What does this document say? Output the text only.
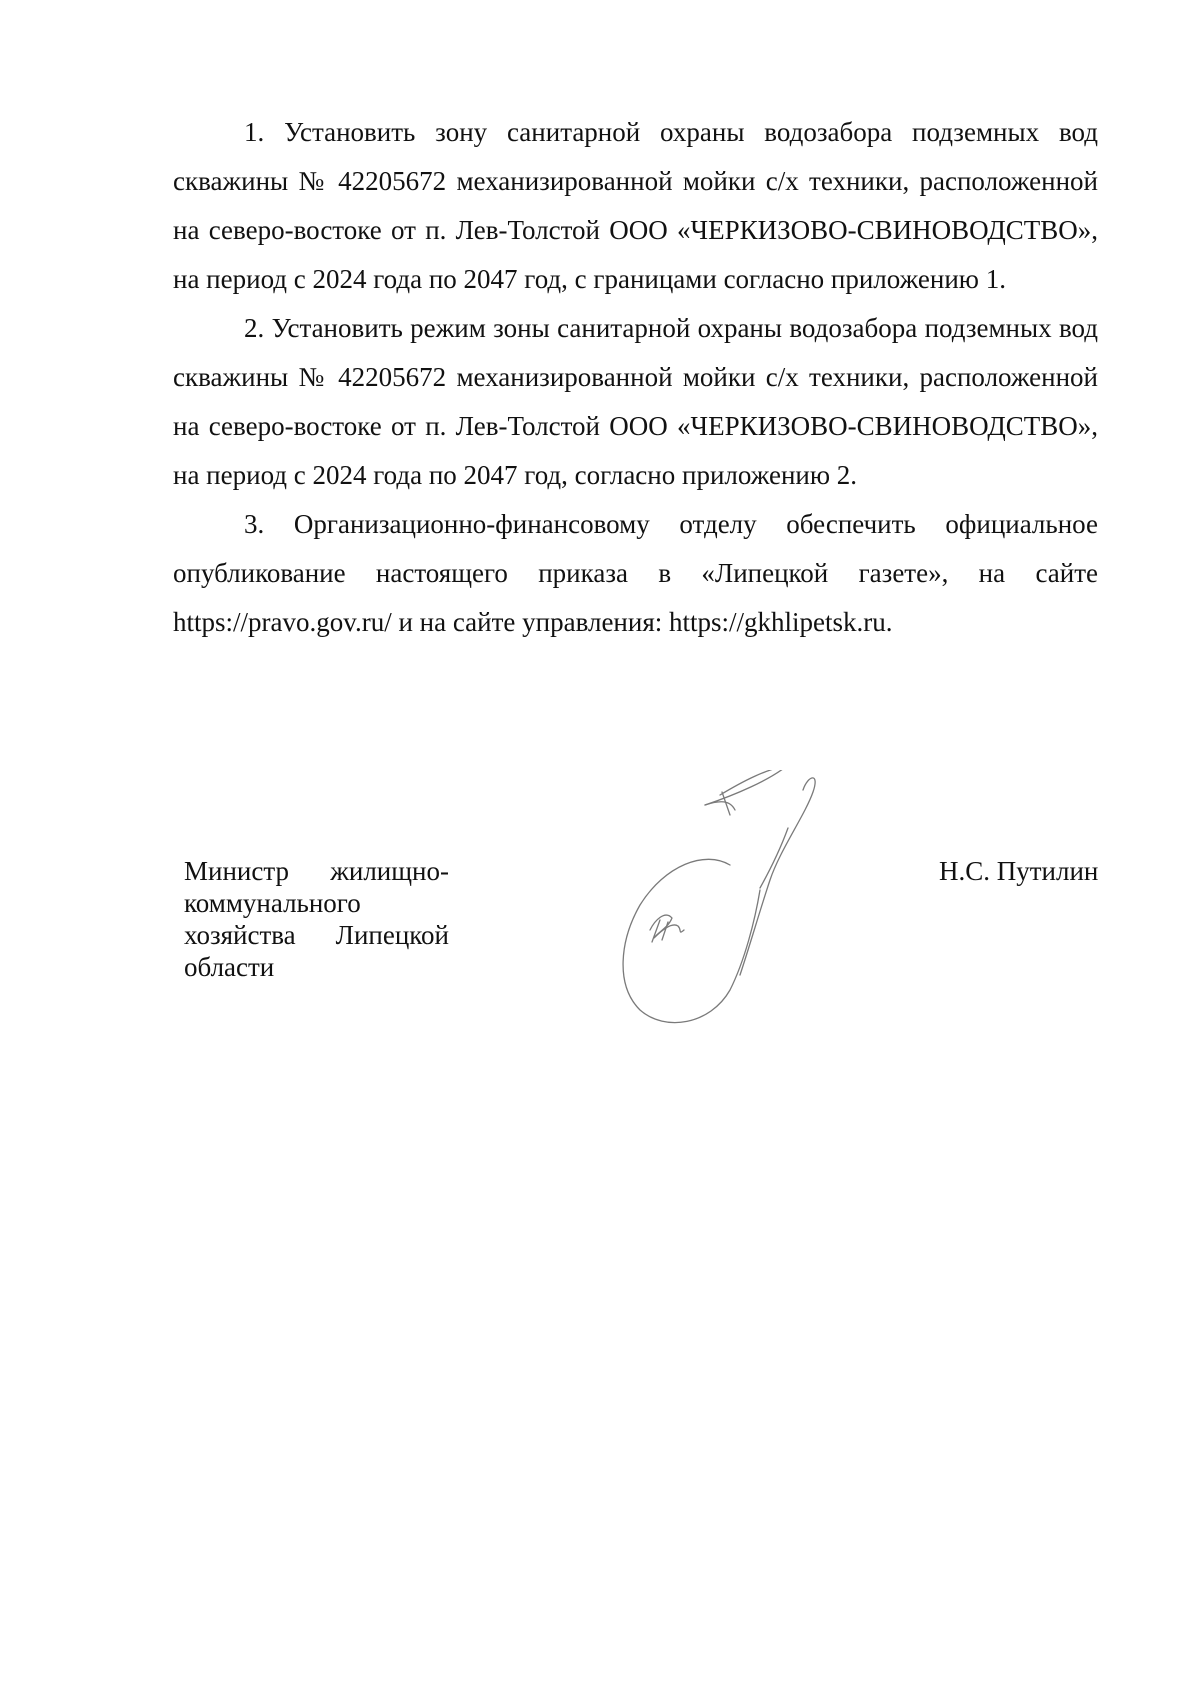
1. Установить зону санитарной охраны водозабора подземных вод скважины № 42205672 механизированной мойки с/х техники, расположенной на северо-востоке от п. Лев-Толстой ООО «ЧЕРКИЗОВО-СВИНОВОДСТВО», на период с 2024 года по 2047 год, с границами согласно приложению 1.

2. Установить режим зоны санитарной охраны водозабора подземных вод скважины № 42205672 механизированной мойки с/х техники, расположенной на северо-востоке от п. Лев-Толстой ООО «ЧЕРКИЗОВО-СВИНОВОДСТВО», на период с 2024 года по 2047 год, согласно приложению 2.

3. Организационно-финансовому отделу обеспечить официальное опубликование настоящего приказа в «Липецкой газете», на сайте https://pravo.gov.ru/ и на сайте управления: https://gkhlipetsk.ru.

Министр жилищно-коммунального хозяйства Липецкой области
Н.С. Путилин
